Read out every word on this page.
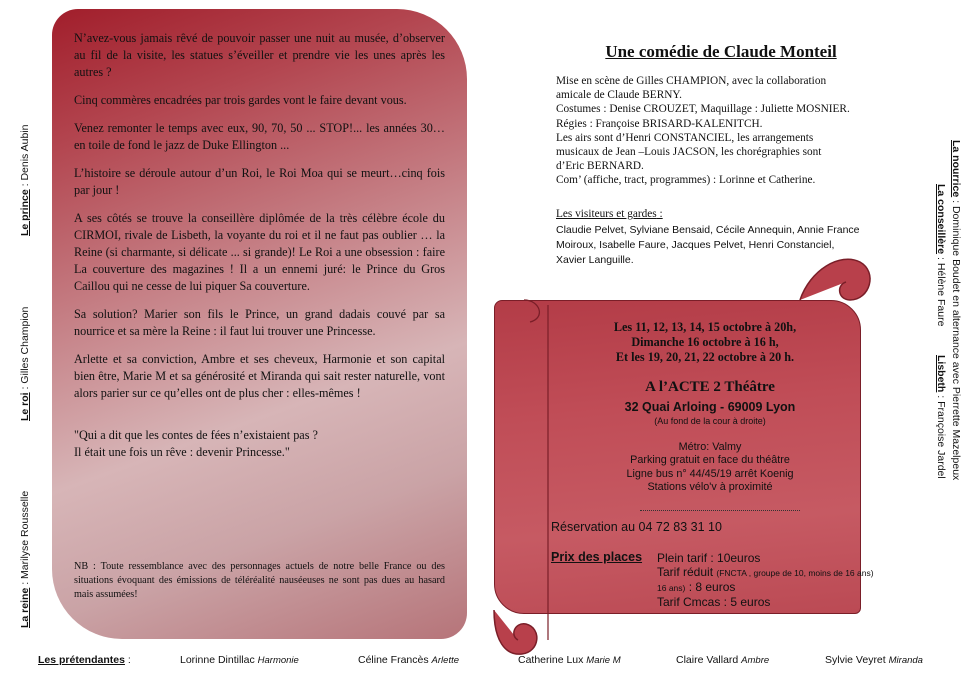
Le prince : Denis Aubin
Le roi : Gilles Champion
La reine : Marilyse Rousselle
La nourrice : Dominique Boudet en alternance avec Pierrette Mazelpeux
La conseillère : Hélène Faure
Lisbeth : Françoise Jardel

N’avez-vous jamais rêvé de pouvoir passer une nuit au musée, d’observer au fil de la visite, les statues s’éveiller et prendre vie les unes après les autres ?

Cinq commères encadrées par trois gardes vont le faire devant vous.

Venez remonter le temps avec eux, 90, 70, 50 ... STOP!... les années 30… en toile de fond le jazz de Duke Ellington ...

L’histoire se déroule autour d’un Roi, le Roi Moa qui se meurt…cinq fois par jour !

A ses côtés se trouve la conseillère diplômée de la très célèbre école du CIRMOI, rivale de Lisbeth, la voyante du roi et il ne faut pas oublier … la Reine (si charmante, si délicate ... si grande)! Le Roi a une obsession : faire La couverture des magazines ! Il a un ennemi juré: le Prince du Gros Caillou qui ne cesse de lui piquer Sa couverture.

Sa solution? Marier son fils le Prince, un grand dadais couvé par sa nourrice et sa mère la Reine : il faut lui trouver une Princesse.

Arlette et sa conviction, Ambre et ses cheveux, Harmonie et son capital bien être, Marie M et sa générosité et Miranda qui sait rester naturelle, vont alors parier sur ce qu’elles ont de plus cher : elles-mêmes !

"Qui a dit que les contes de fées n’existaient pas ?
Il était une fois un rêve : devenir Princesse."
NB : Toute ressemblance avec des personnages actuels de notre belle France ou des situations évoquant des émissions de téléréalité nauséeuses ne sont pas dues au hasard mais assumées!
Une comédie de Claude Monteil
Mise en scène de Gilles CHAMPION, avec la collaboration
amicale de Claude BERNY.
Costumes : Denise CROUZET, Maquillage : Juliette MOSNIER.
Régies : Françoise BRISARD-KALENITCH.
Les airs sont d’Henri CONSTANCIEL, les arrangements
musicaux de Jean –Louis JACSON, les chorégraphies sont
d’Eric BERNARD.
Com’ (affiche, tract, programmes) : Lorinne et Catherine.
Les visiteurs et gardes :
Claudie Pelvet, Sylviane Bensaid, Cécile Annequin, Annie France
Moiroux, Isabelle Faure, Jacques Pelvet, Henri Constanciel,
Xavier Languille.
Les 11, 12, 13, 14, 15 octobre à 20h,
Dimanche 16 octobre à 16 h,
Et les 19, 20, 21, 22 octobre à 20 h.
A l’ACTE 2 Théâtre
32 Quai Arloing - 69009 Lyon
(Au fond de la cour à droite)
Métro: Valmy
Parking gratuit en face du théâtre
Ligne bus n° 44/45/19 arrêt Koenig
Stations vélo'v à proximité
Réservation au 04 72 83 31 10
Prix des places Plein tarif : 10euros
Tarif réduit (FNCTA , groupe de 10, moins de 16 ans)
16 ans) : 8 euros
Tarif Cmcas : 5 euros
Les prétendantes :	Lorinne Dintillac Harmonie	Céline Francès Arlette	Catherine Lux Marie M	Claire Vallard Ambre	Sylvie Veyret Miranda
